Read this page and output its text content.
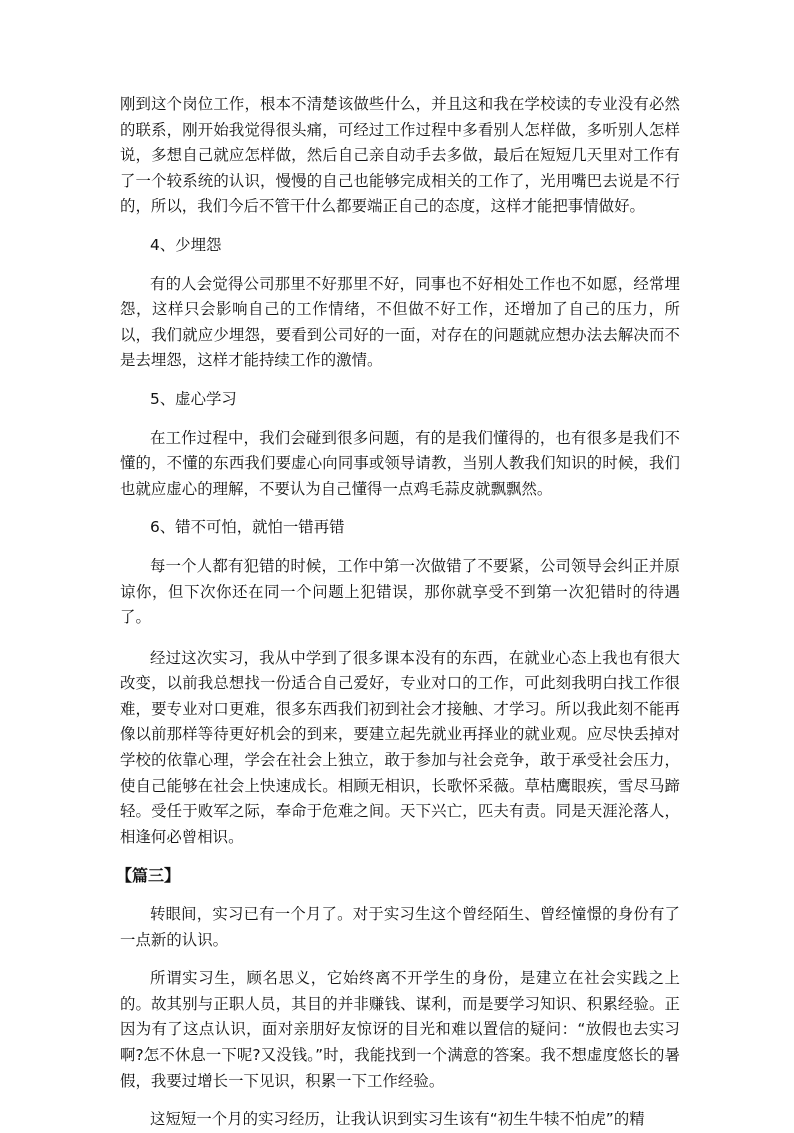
刚到这个岗位工作，根本不清楚该做些什么，并且这和我在学校读的专业没有必然的联系，刚开始我觉得很头痛，可经过工作过程中多看别人怎样做，多听别人怎样说，多想自己就应怎样做，然后自己亲自动手去多做，最后在短短几天里对工作有了一个较系统的认识，慢慢的自己也能够完成相关的工作了，光用嘴巴去说是不行的，所以，我们今后不管干什么都要端正自己的态度，这样才能把事情做好。

4、少埋怨

有的人会觉得公司那里不好那里不好，同事也不好相处工作也不如愿，经常埋怨，这样只会影响自己的工作情绪，不但做不好工作，还增加了自己的压力，所以，我们就应少埋怨，要看到公司好的一面，对存在的问题就应想办法去解决而不是去埋怨，这样才能持续工作的激情。

5、虚心学习

在工作过程中，我们会碰到很多问题，有的是我们懂得的，也有很多是我们不懂的，不懂的东西我们要虚心向同事或领导请教，当别人教我们知识的时候，我们也就应虚心的理解，不要认为自己懂得一点鸡毛蒜皮就飘飘然。

6、错不可怕，就怕一错再错

每一个人都有犯错的时候，工作中第一次做错了不要紧，公司领导会纠正并原谅你，但下次你还在同一个问题上犯错误，那你就享受不到第一次犯错时的待遇了。

经过这次实习，我从中学到了很多课本没有的东西，在就业心态上我也有很大改变，以前我总想找一份适合自己爱好，专业对口的工作，可此刻我明白找工作很难，要专业对口更难，很多东西我们初到社会才接触、才学习。所以我此刻不能再像以前那样等待更好机会的到来，要建立起先就业再择业的就业观。应尽快丢掉对学校的依靠心理，学会在社会上独立，敢于参加与社会竞争，敢于承受社会压力，使自己能够在社会上快速成长。相顾无相识，长歌怀采薇。草枯鹰眼疾，雪尽马蹄轻。受任于败军之际，奉命于危难之间。天下兴亡，匹夫有责。同是天涯沦落人，相逢何必曾相识。

【篇三】

转眼间，实习已有一个月了。对于实习生这个曾经陌生、曾经憧憬的身份有了一点新的认识。

所谓实习生，顾名思义，它始终离不开学生的身份，是建立在社会实践之上的。故其别与正职人员，其目的并非赚钱、谋利，而是要学习知识、积累经验。正因为有了这点认识，面对亲朋好友惊讶的目光和难以置信的疑问：“放假也去实习啊?怎不休息一下呢?又没钱。”时，我能找到一个满意的答案。我不想虚度悠长的暑假，我要过增长一下见识，积累一下工作经验。

这短短一个月的实习经历，让我认识到实习生该有“初生牛犊不怕虎”的精
